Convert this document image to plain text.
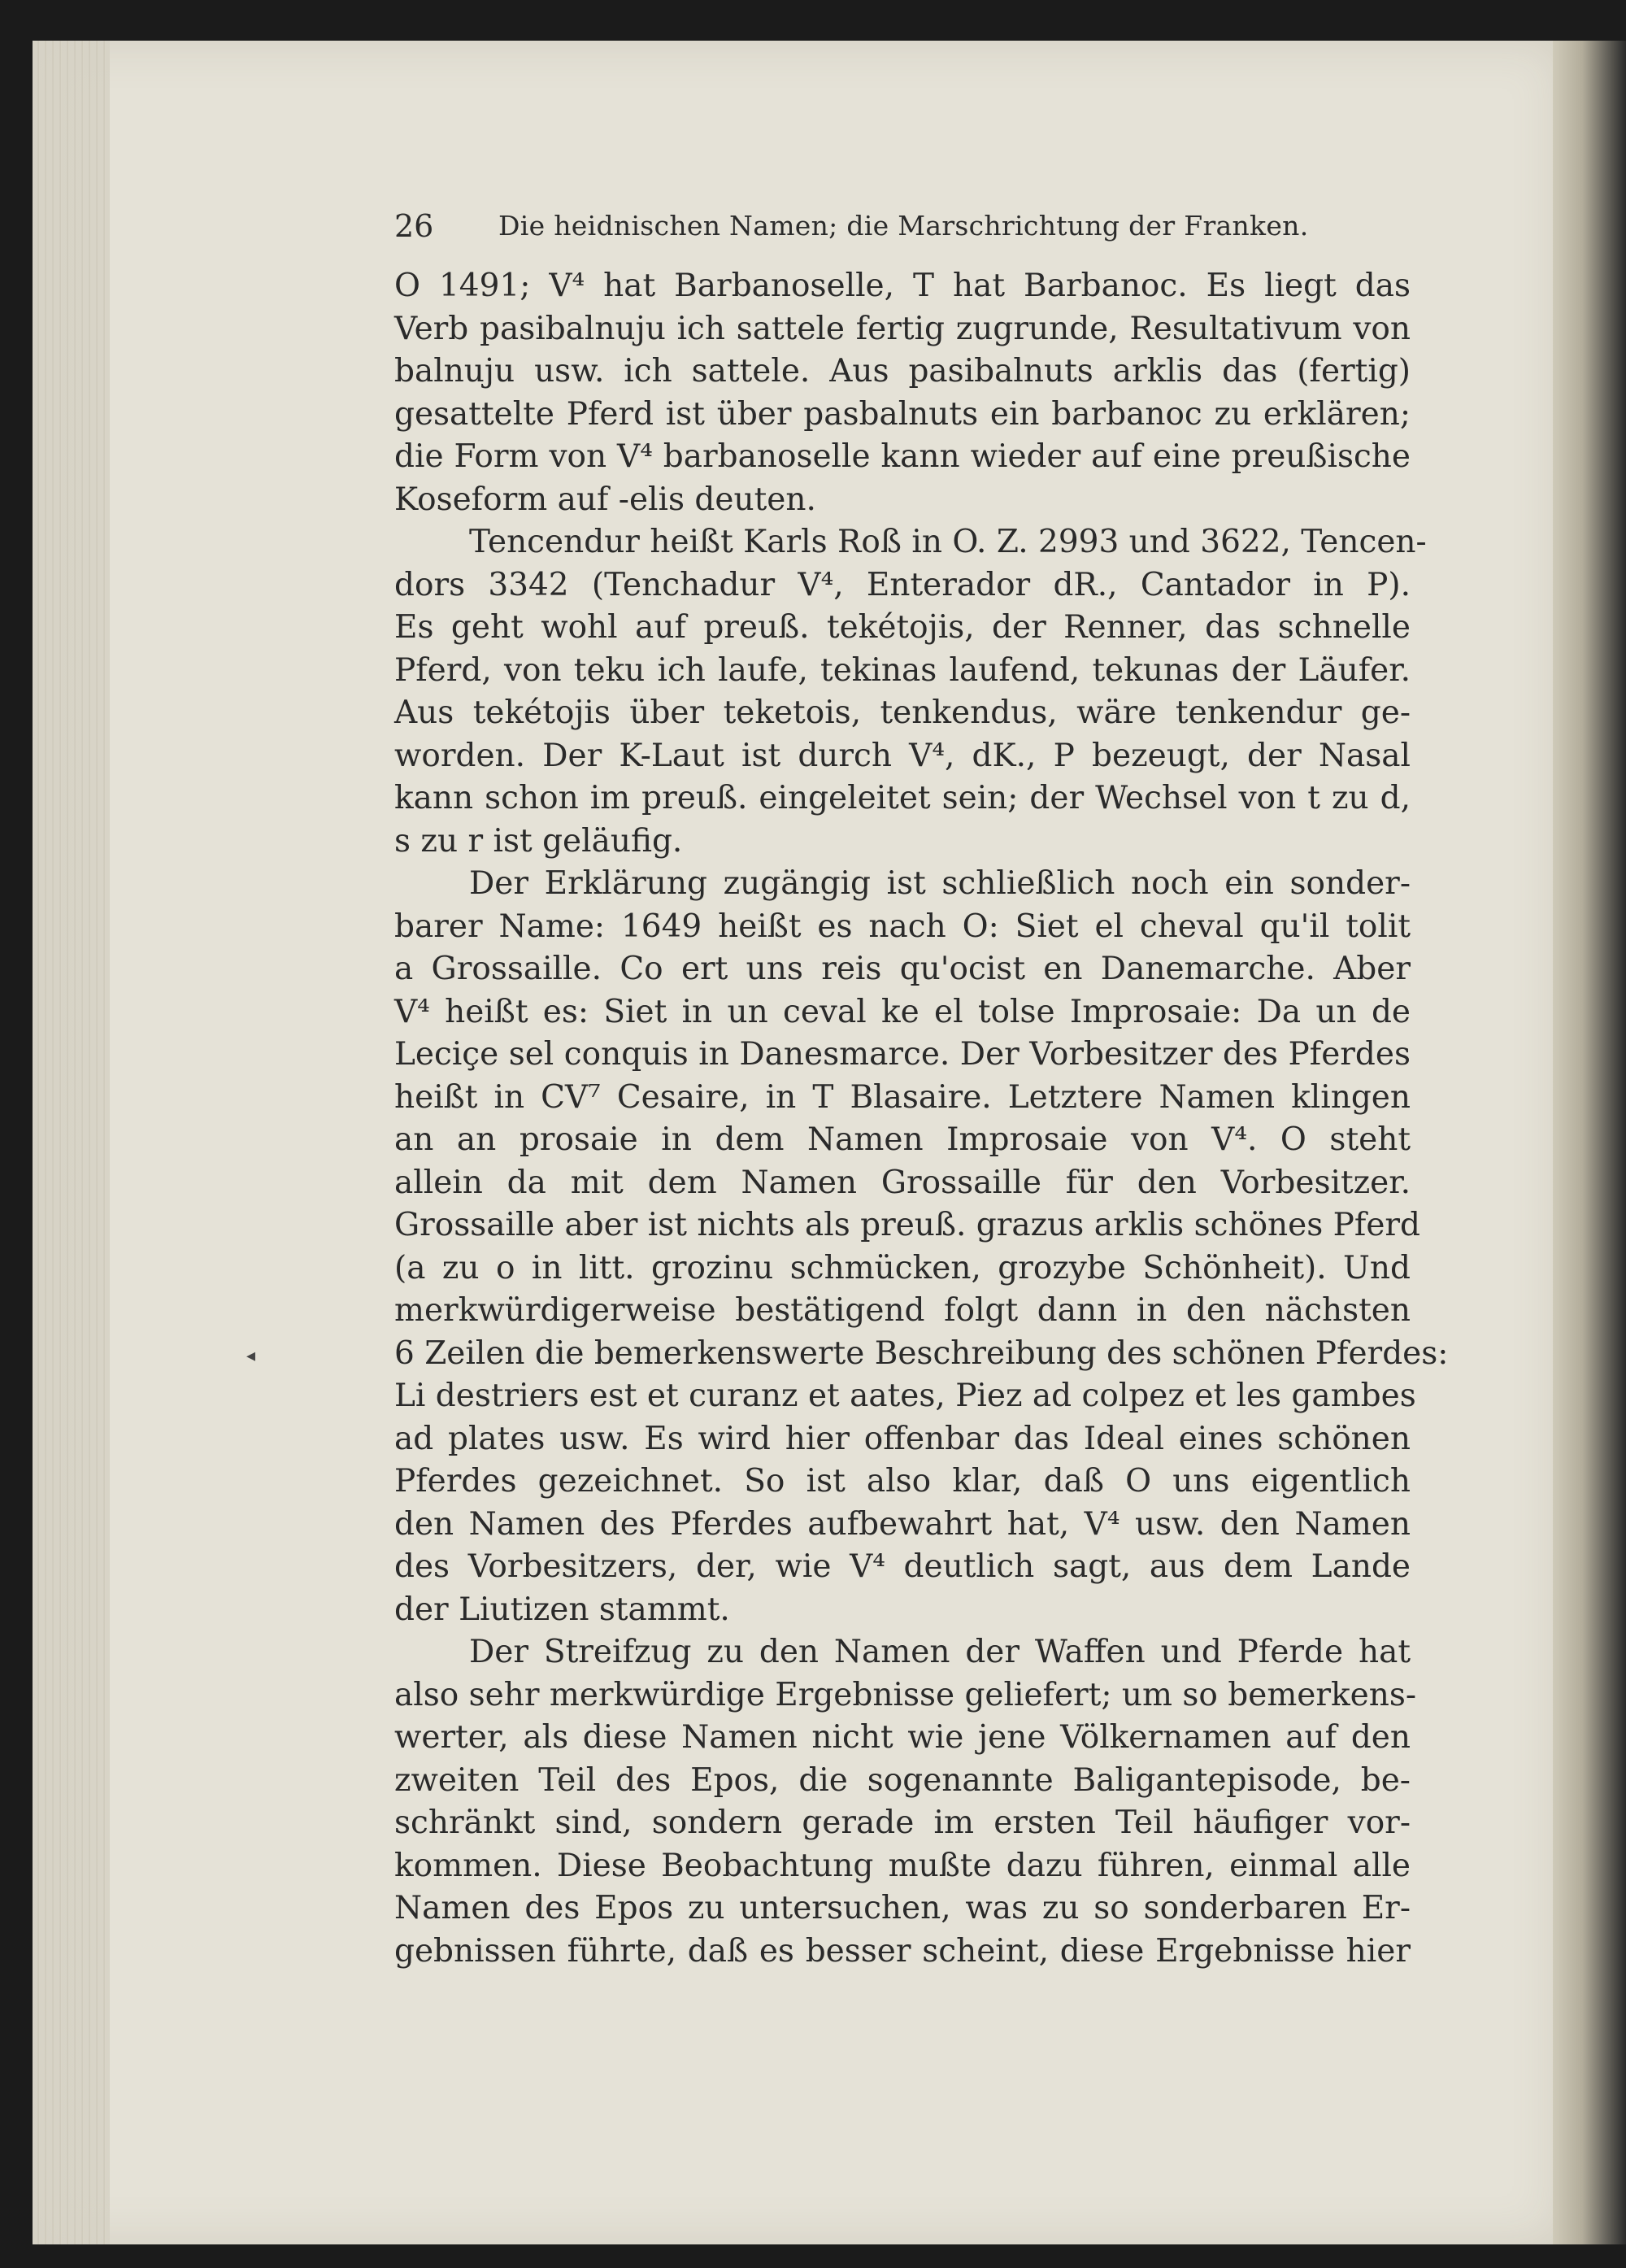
26 Die heidnischen Namen; die Marschrichtung der Franken.
◂
O 1491; V⁴ hat Barbanoselle, T hat Barbanoc. Es liegt das
Verb pasibalnuju ich sattele fertig zugrunde, Resultativum von
balnuju usw. ich sattele. Aus pasibalnuts arklis das (fertig)
gesattelte Pferd ist über pasbalnuts ein barbanoc zu erklären;
die Form von V⁴ barbanoselle kann wieder auf eine preußische
Koseform auf -elis deuten.
Tencendur heißt Karls Roß in O. Z. 2993 und 3622, Tencen-
dors 3342 (Tenchadur V⁴, Enterador dR., Cantador in P).
Es geht wohl auf preuß. tekétojis, der Renner, das schnelle
Pferd, von teku ich laufe, tekinas laufend, tekunas der Läufer.
Aus tekétojis über teketois, tenkendus, wäre tenkendur ge-
worden. Der K-Laut ist durch V⁴, dK., P bezeugt, der Nasal
kann schon im preuß. eingeleitet sein; der Wechsel von t zu d,
s zu r ist geläufig.
Der Erklärung zugängig ist schließlich noch ein sonder-
barer Name: 1649 heißt es nach O: Siet el cheval qu'il tolit
a Grossaille. Co ert uns reis qu'ocist en Danemarche. Aber
V⁴ heißt es: Siet in un ceval ke el tolse Improsaie: Da un de
Leciçe sel conquis in Danesmarce. Der Vorbesitzer des Pferdes
heißt in CV⁷ Cesaire, in T Blasaire. Letztere Namen klingen
an an prosaie in dem Namen Improsaie von V⁴. O steht
allein da mit dem Namen Grossaille für den Vorbesitzer.
Grossaille aber ist nichts als preuß. grazus arklis schönes Pferd
(a zu o in litt. grozinu schmücken, grozybe Schönheit). Und
merkwürdigerweise bestätigend folgt dann in den nächsten
6 Zeilen die bemerkenswerte Beschreibung des schönen Pferdes:
Li destriers est et curanz et aates, Piez ad colpez et les gambes
ad plates usw. Es wird hier offenbar das Ideal eines schönen
Pferdes gezeichnet. So ist also klar, daß O uns eigentlich
den Namen des Pferdes aufbewahrt hat, V⁴ usw. den Namen
des Vorbesitzers, der, wie V⁴ deutlich sagt, aus dem Lande
der Liutizen stammt.
Der Streifzug zu den Namen der Waffen und Pferde hat
also sehr merkwürdige Ergebnisse geliefert; um so bemerkens-
werter, als diese Namen nicht wie jene Völkernamen auf den
zweiten Teil des Epos, die sogenannte Baligantepisode, be-
schränkt sind, sondern gerade im ersten Teil häufiger vor-
kommen. Diese Beobachtung mußte dazu führen, einmal alle
Namen des Epos zu untersuchen, was zu so sonderbaren Er-
gebnissen führte, daß es besser scheint, diese Ergebnisse hier
